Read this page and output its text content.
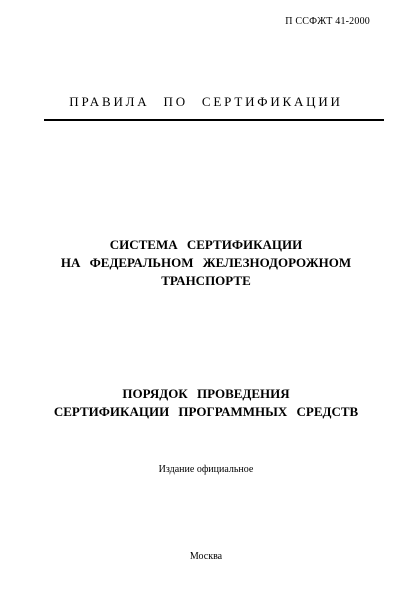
П ССФЖТ 41-2000
ПРАВИЛА ПО СЕРТИФИКАЦИИ
СИСТЕМА СЕРТИФИКАЦИИ
НА ФЕДЕРАЛЬНОМ ЖЕЛЕЗНОДОРОЖНОМ
ТРАНСПОРТЕ
ПОРЯДОК ПРОВЕДЕНИЯ
СЕРТИФИКАЦИИ ПРОГРАММНЫХ СРЕДСТВ
Издание официальное
Москва
